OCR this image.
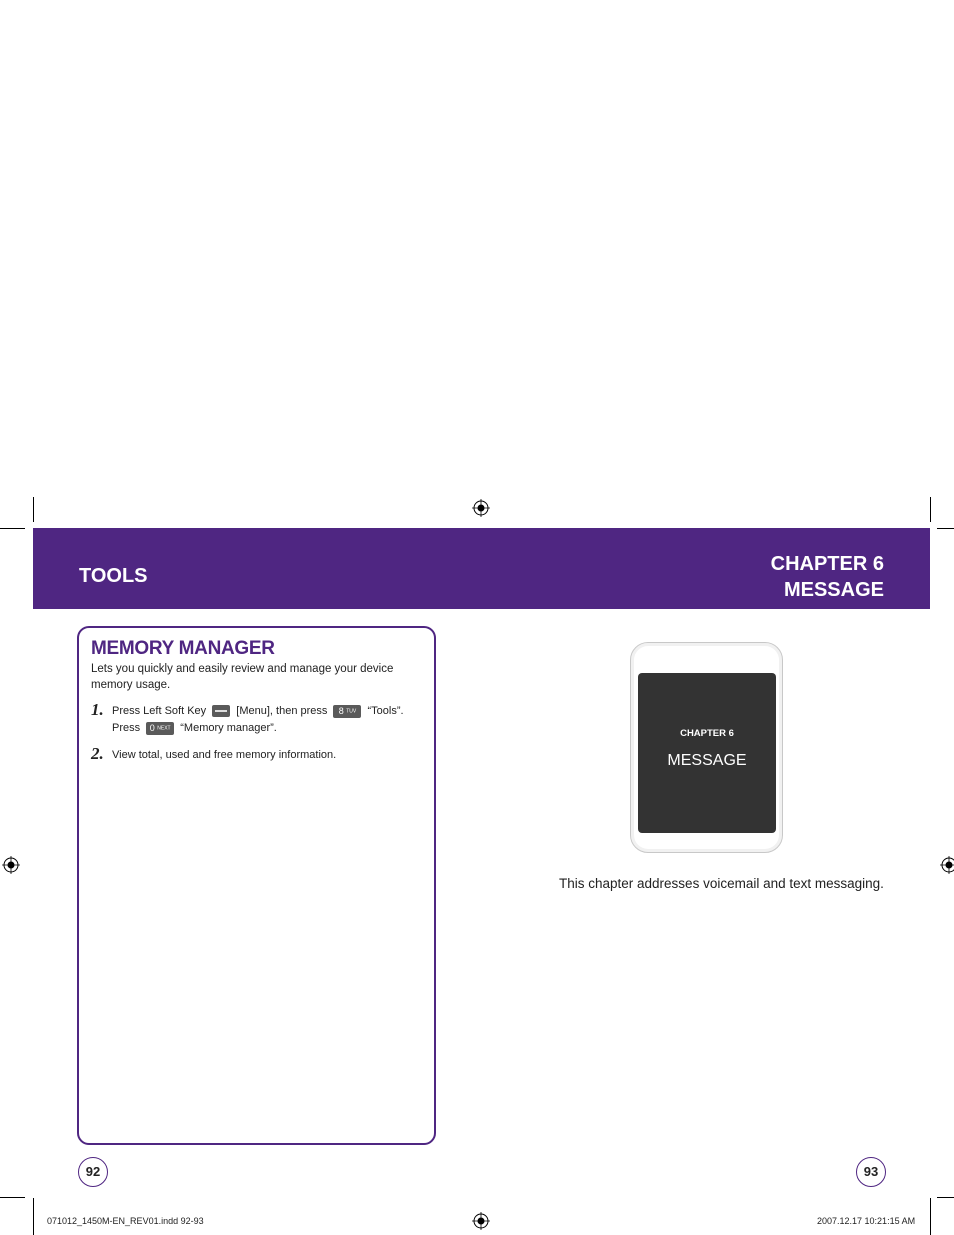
TOOLS
CHAPTER 6
MESSAGE
MEMORY MANAGER
Lets you quickly and easily review and manage your device memory usage.
1. Press Left Soft Key	[Menu], then press 8 TUV “Tools”.
Press 0 NEXT “Memory manager”.
2. View total, used and free memory information.
CHAPTER 6
MESSAGE
This chapter addresses voicemail and text messaging.
92	93
071012_1450M-EN_REV01.indd 92-93	2007.12.17 10:21:15 AM
